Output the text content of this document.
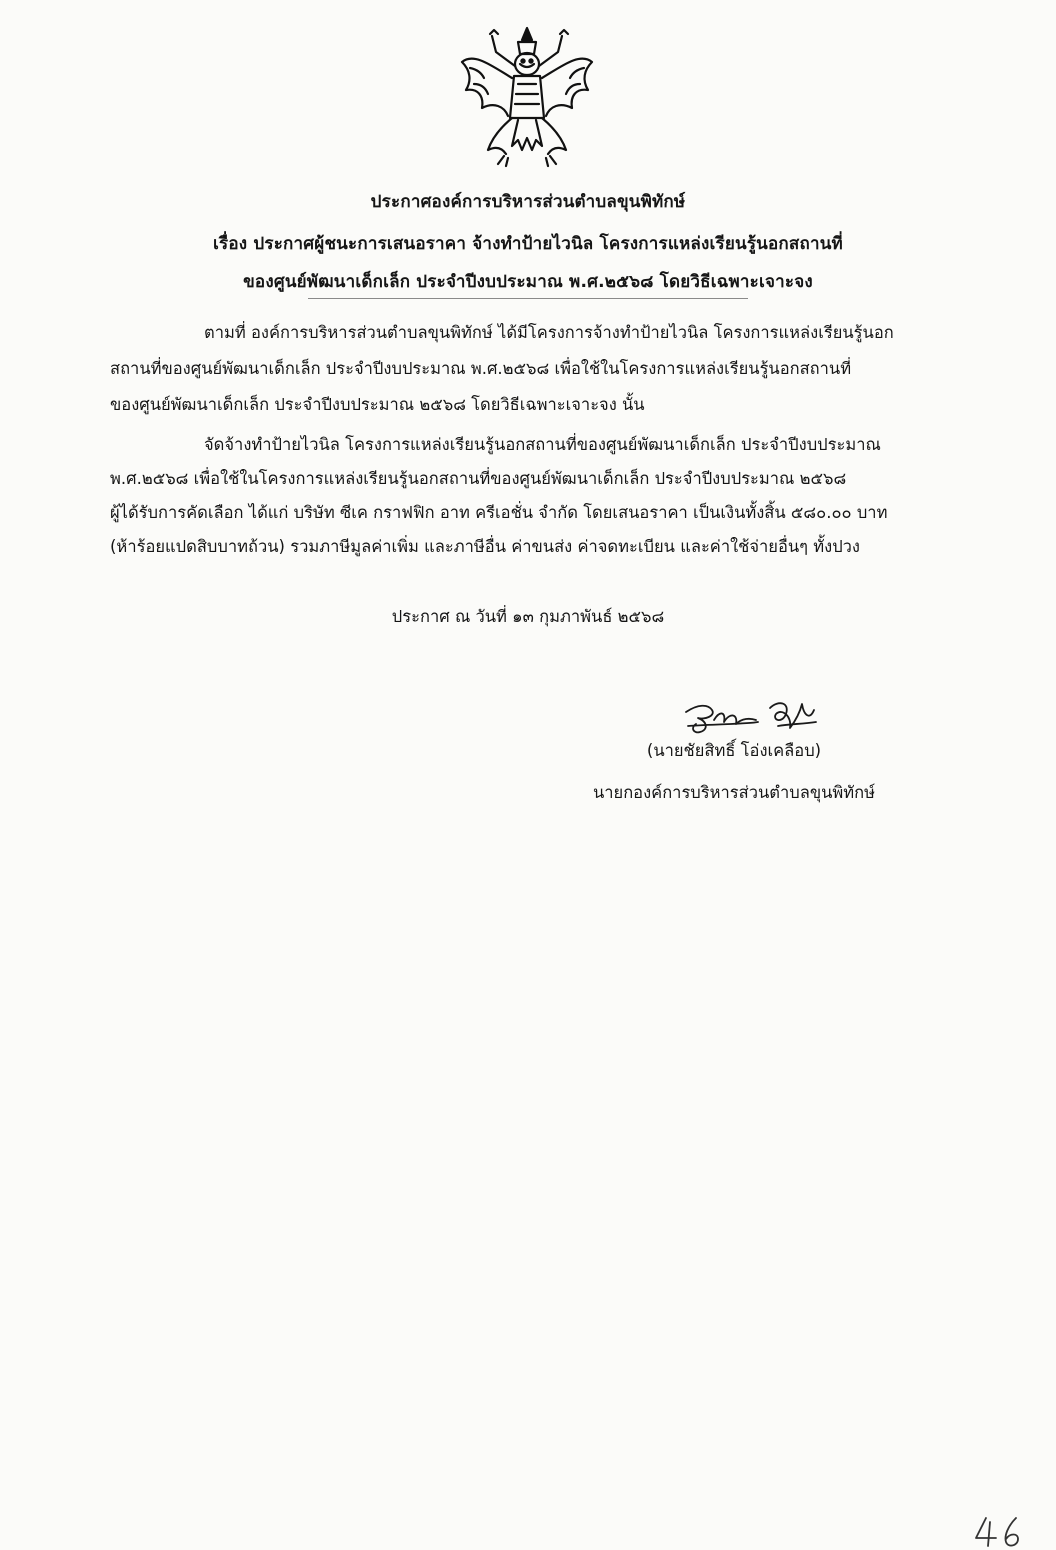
ประกาศองค์การบริหารส่วนตำบลขุนพิทักษ์
เรื่อง ประกาศผู้ชนะการเสนอราคา จ้างทำป้ายไวนิล โครงการแหล่งเรียนรู้นอกสถานที่
ของศูนย์พัฒนาเด็กเล็ก ประจำปีงบประมาณ พ.ศ.๒๕๖๘ โดยวิธีเฉพาะเจาะจง
ตามที่ องค์การบริหารส่วนตำบลขุนพิทักษ์ ได้มีโครงการจ้างทำป้ายไวนิล โครงการแหล่งเรียนรู้นอก
สถานที่ของศูนย์พัฒนาเด็กเล็ก ประจำปีงบประมาณ พ.ศ.๒๕๖๘ เพื่อใช้ในโครงการแหล่งเรียนรู้นอกสถานที่
ของศูนย์พัฒนาเด็กเล็ก ประจำปีงบประมาณ ๒๕๖๘ โดยวิธีเฉพาะเจาะจง นั้น
จัดจ้างทำป้ายไวนิล โครงการแหล่งเรียนรู้นอกสถานที่ของศูนย์พัฒนาเด็กเล็ก ประจำปีงบประมาณ
พ.ศ.๒๕๖๘ เพื่อใช้ในโครงการแหล่งเรียนรู้นอกสถานที่ของศูนย์พัฒนาเด็กเล็ก ประจำปีงบประมาณ ๒๕๖๘
ผู้ได้รับการคัดเลือก ได้แก่ บริษัท ซีเค กราฟฟิก อาท ครีเอชั่น จำกัด โดยเสนอราคา เป็นเงินทั้งสิ้น ๕๘๐.๐๐ บาท
(ห้าร้อยแปดสิบบาทถ้วน) รวมภาษีมูลค่าเพิ่ม และภาษีอื่น ค่าขนส่ง ค่าจดทะเบียน และค่าใช้จ่ายอื่นๆ ทั้งปวง
ประกาศ ณ วันที่ ๑๓ กุมภาพันธ์ ๒๕๖๘
(นายชัยสิทธิ์ โอ่งเคลือบ)
นายกองค์การบริหารส่วนตำบลขุนพิทักษ์
